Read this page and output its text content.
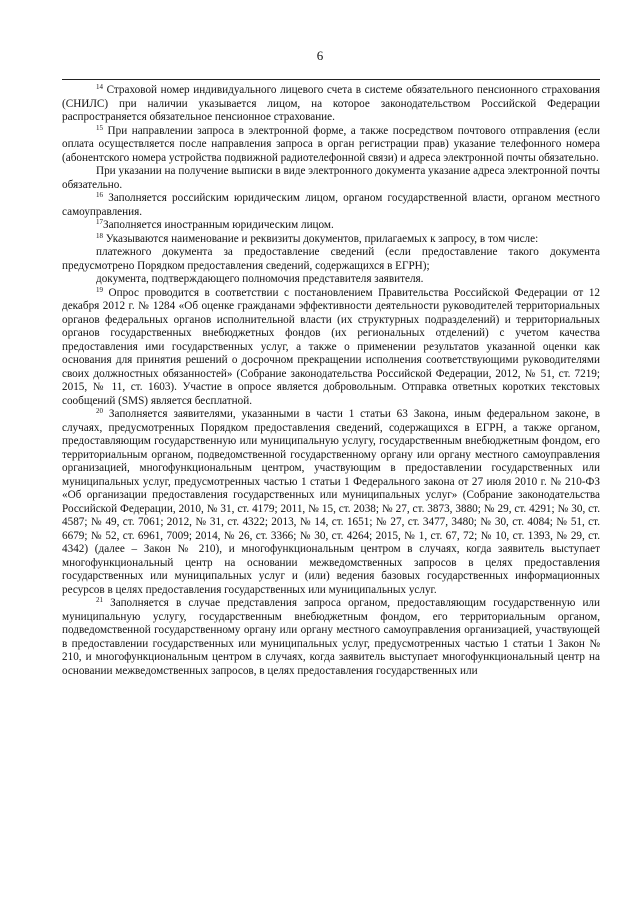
6

$^{14}$ Страховой номер индивидуального лицевого счета в системе обязательного пенсионного страхования (СНИЛС) при наличии указывается лицом, на которое законодательством Российской Федерации распространяется обязательное пенсионное страхование.

$^{15}$ При направлении запроса в электронной форме, а также посредством почтового отправления (если оплата осуществляется после направления запроса в орган регистрации прав) указание телефонного номера (абонентского номера устройства подвижной радиотелефонной связи) и адреса электронной почты обязательно.

При указании на получение выписки в виде электронного документа указание адреса электронной почты обязательно.

$^{16}$ Заполняется российским юридическим лицом, органом государственной власти, органом местного самоуправления.

$^{17}$Заполняется иностранным юридическим лицом.

$^{18}$ Указываются наименование и реквизиты документов, прилагаемых к запросу, в том числе:

платежного документа за предоставление сведений (если предоставление такого документа предусмотрено Порядком предоставления сведений, содержащихся в ЕГРН);

документа, подтверждающего полномочия представителя заявителя.

$^{19}$ Опрос проводится в соответствии с постановлением Правительства Российской Федерации от 12 декабря 2012 г. № 1284 «Об оценке гражданами эффективности деятельности руководителей территориальных органов федеральных органов исполнительной власти (их структурных подразделений) и территориальных органов государственных внебюджетных фондов (их региональных отделений) с учетом качества предоставления ими государственных услуг, а также о применении результатов указанной оценки как основания для принятия решений о досрочном прекращении исполнения соответствующими руководителями своих должностных обязанностей» (Собрание законодательства Российской Федерации, 2012, № 51, ст. 7219; 2015, № 11, ст. 1603). Участие в опросе является добровольным. Отправка ответных коротких текстовых сообщений (SMS) является бесплатной.

$^{20}$ Заполняется заявителями, указанными в части 1 статьи 63 Закона, иным федеральном законе, в случаях, предусмотренных Порядком предоставления сведений, содержащихся в ЕГРН, а также органом, предоставляющим государственную или муниципальную услугу, государственным внебюджетным фондом, его территориальным органом, подведомственной государственному органу или органу местного самоуправления организацией, многофункциональным центром, участвующим в предоставлении государственных или муниципальных услуг, предусмотренных частью 1 статьи 1 Федерального закона от 27 июля 2010 г. № 210-ФЗ «Об организации предоставления государственных или муниципальных услуг» (Собрание законодательства Российской Федерации, 2010, № 31, ст. 4179; 2011, № 15, ст. 2038; № 27, ст. 3873, 3880; № 29, ст. 4291; № 30, ст. 4587; № 49, ст. 7061; 2012, № 31, ст. 4322; 2013, № 14, ст. 1651; № 27, ст. 3477, 3480; № 30, ст. 4084; № 51, ст. 6679; № 52, ст. 6961, 7009; 2014, № 26, ст. 3366; № 30, ст. 4264; 2015, № 1, ст. 67, 72; № 10, ст. 1393, № 29, ст. 4342) (далее – Закон № 210), и многофункциональным центром в случаях, когда заявитель выступает многофункциональный центр на основании межведомственных запросов в целях предоставления государственных или муниципальных услуг и (или) ведения базовых государственных информационных ресурсов в целях предоставления государственных или муниципальных услуг.

$^{21}$ Заполняется в случае представления запроса органом, предоставляющим государственную или муниципальную услугу, государственным внебюджетным фондом, его территориальным органом, подведомственной государственному органу или органу местного самоуправления организацией, участвующей в предоставлении государственных или муниципальных услуг, предусмотренных частью 1 статьи 1 Закон № 210, и многофункциональным центром в случаях, когда заявитель выступает многофункциональный центр на основании межведомственных запросов, в целях предоставления государственных или
